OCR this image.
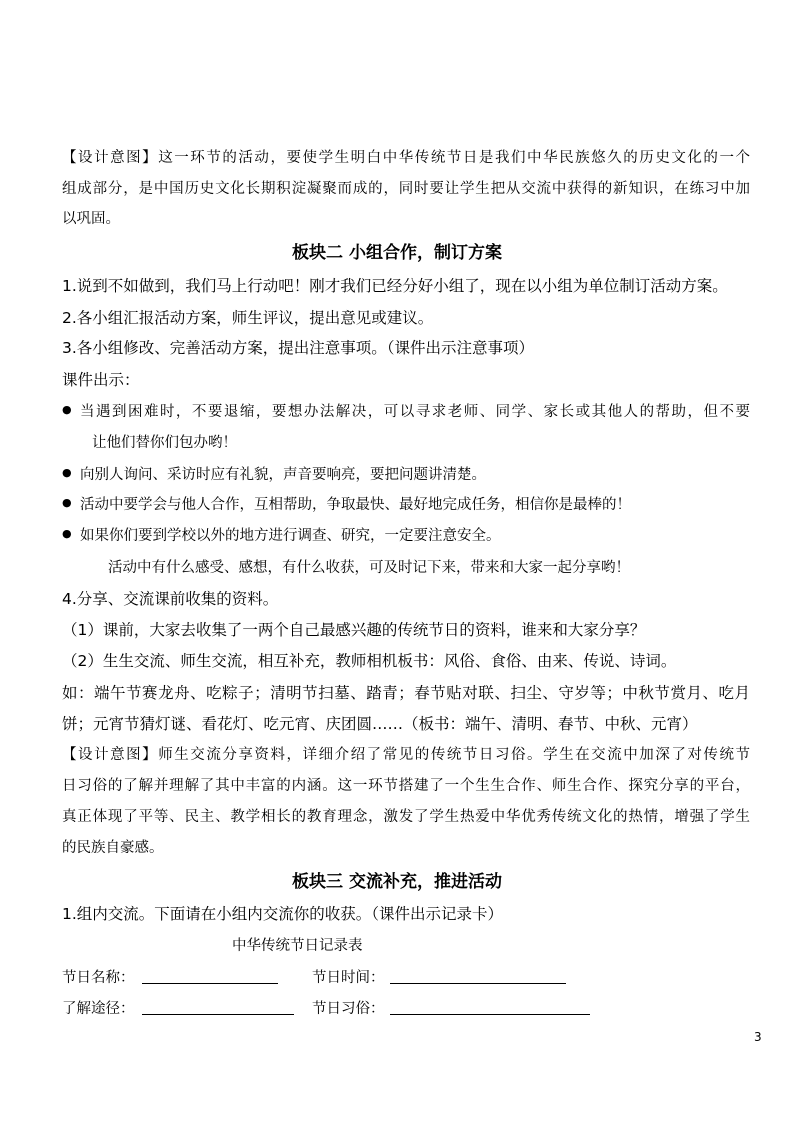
【设计意图】这一环节的活动，要使学生明白中华传统节日是我们中华民族悠久的历史文化的一个
组成部分，是中国历史文化长期积淀凝聚而成的，同时要让学生把从交流中获得的新知识，在练习中加
以巩固。
板块二 小组合作，制订方案
1.说到不如做到，我们马上行动吧！刚才我们已经分好小组了，现在以小组为单位制订活动方案。
2.各小组汇报活动方案，师生评议，提出意见或建议。
3.各小组修改、完善活动方案，提出注意事项。（课件出示注意事项）
课件出示：
● 当遇到困难时，不要退缩，要想办法解决，可以寻求老师、同学、家长或其他人的帮助，但不要
让他们替你们包办哟！
● 向别人询问、采访时应有礼貌，声音要响亮，要把问题讲清楚。
● 活动中要学会与他人合作，互相帮助，争取最快、最好地完成任务，相信你是最棒的！
● 如果你们要到学校以外的地方进行调查、研究，一定要注意安全。
活动中有什么感受、感想，有什么收获，可及时记下来，带来和大家一起分享哟！
4.分享、交流课前收集的资料。
（1）课前，大家去收集了一两个自己最感兴趣的传统节日的资料，谁来和大家分享？
（2）生生交流、师生交流，相互补充，教师相机板书：风俗、食俗、由来、传说、诗词。
如：端午节赛龙舟、吃粽子；清明节扫墓、踏青；春节贴对联、扫尘、守岁等；中秋节赏月、吃月
饼；元宵节猜灯谜、看花灯、吃元宵、庆团圆……（板书：端午、清明、春节、中秋、元宵）
【设计意图】师生交流分享资料，详细介绍了常见的传统节日习俗。学生在交流中加深了对传统节
日习俗的了解并理解了其中丰富的内涵。这一环节搭建了一个生生合作、师生合作、探究分享的平台，
真正体现了平等、民主、教学相长的教育理念，激发了学生热爱中华优秀传统文化的热情，增强了学生
的民族自豪感。
板块三 交流补充，推进活动
1.组内交流。下面请在小组内交流你的收获。（课件出示记录卡）
中华传统节日记录表
节日名称：	节日时间：
了解途径：	节日习俗：
3
